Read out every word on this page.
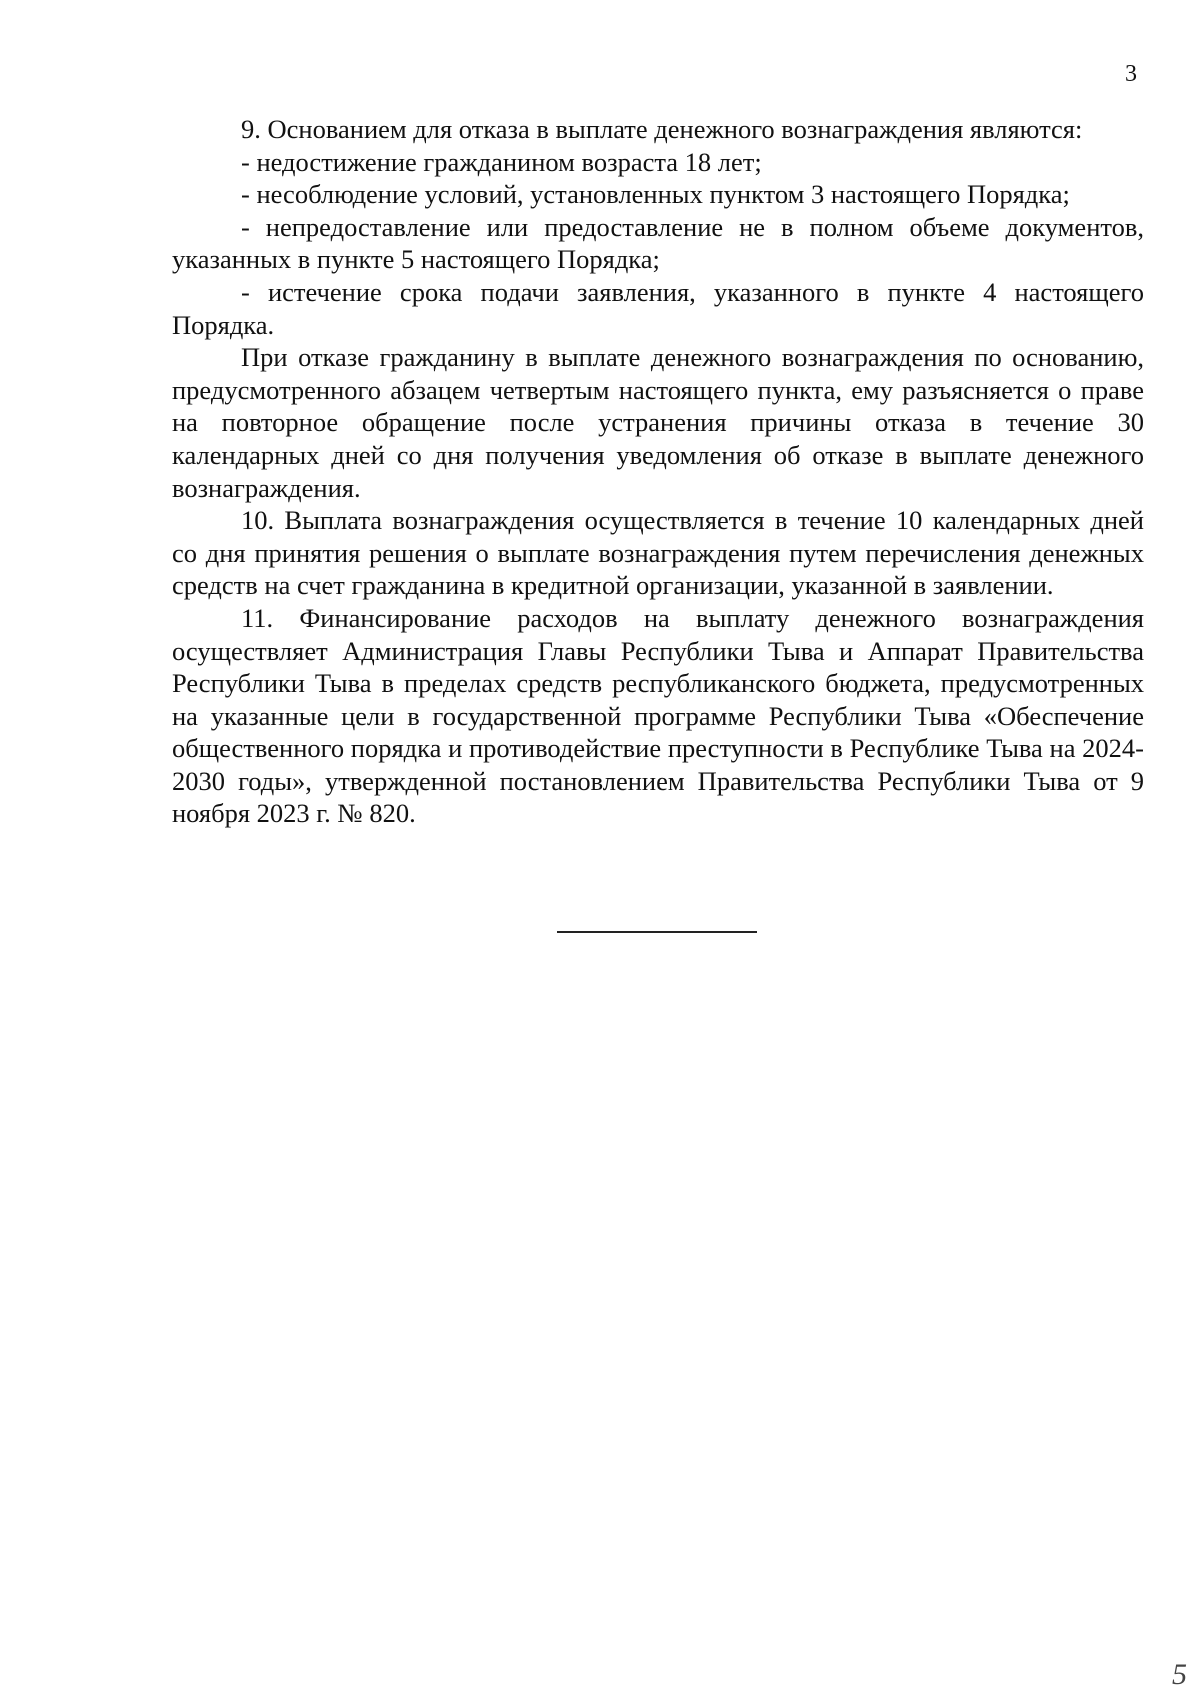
3

9. Основанием для отказа в выплате денежного вознаграждения являются:

- недостижение гражданином возраста 18 лет;

- несоблюдение условий, установленных пунктом 3 настоящего Порядка;

- непредоставление или предоставление не в полном объеме документов, указанных в пункте 5 настоящего Порядка;

- истечение срока подачи заявления, указанного в пункте 4 настоящего Порядка.

При отказе гражданину в выплате денежного вознаграждения по основанию, предусмотренного абзацем четвертым настоящего пункта, ему разъясняется о праве на повторное обращение после устранения причины отказа в течение 30 календарных дней со дня получения уведомления об отказе в выплате денежного вознаграждения.

10. Выплата вознаграждения осуществляется в течение 10 календарных дней со дня принятия решения о выплате вознаграждения путем перечисления денежных средств на счет гражданина в кредитной организации, указанной в заявлении.

11. Финансирование расходов на выплату денежного вознаграждения осуществляет Администрация Главы Республики Тыва и Аппарат Правительства Республики Тыва в пределах средств республиканского бюджета, предусмотренных на указанные цели в государственной программе Республики Тыва «Обеспечение общественного порядка и противодействие преступности в Республике Тыва на 2024-2030 годы», утвержденной постановлением Правительства Республики Тыва от 9 ноября 2023 г. № 820.

5
